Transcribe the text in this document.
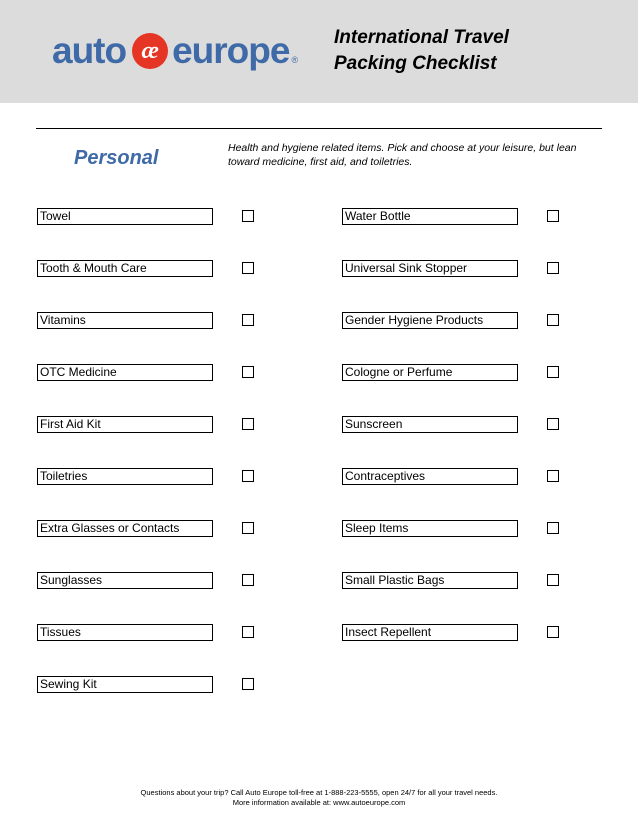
auto æ europe ®
International Travel
Packing Checklist
Personal	Health and hygiene related items. Pick and choose at your leisure, but lean toward medicine, first aid, and toiletries.
Towel
Tooth & Mouth Care
Vitamins
OTC Medicine
First Aid Kit
Toiletries
Extra Glasses or Contacts
Sunglasses
Tissues
Sewing Kit
Water Bottle
Universal Sink Stopper
Gender Hygiene Products
Cologne or Perfume
Sunscreen
Contraceptives
Sleep Items
Small Plastic Bags
Insect Repellent
Questions about your trip? Call Auto Europe toll-free at 1-888-223-5555, open 24/7 for all your travel needs.
More information available at: www.autoeurope.com
